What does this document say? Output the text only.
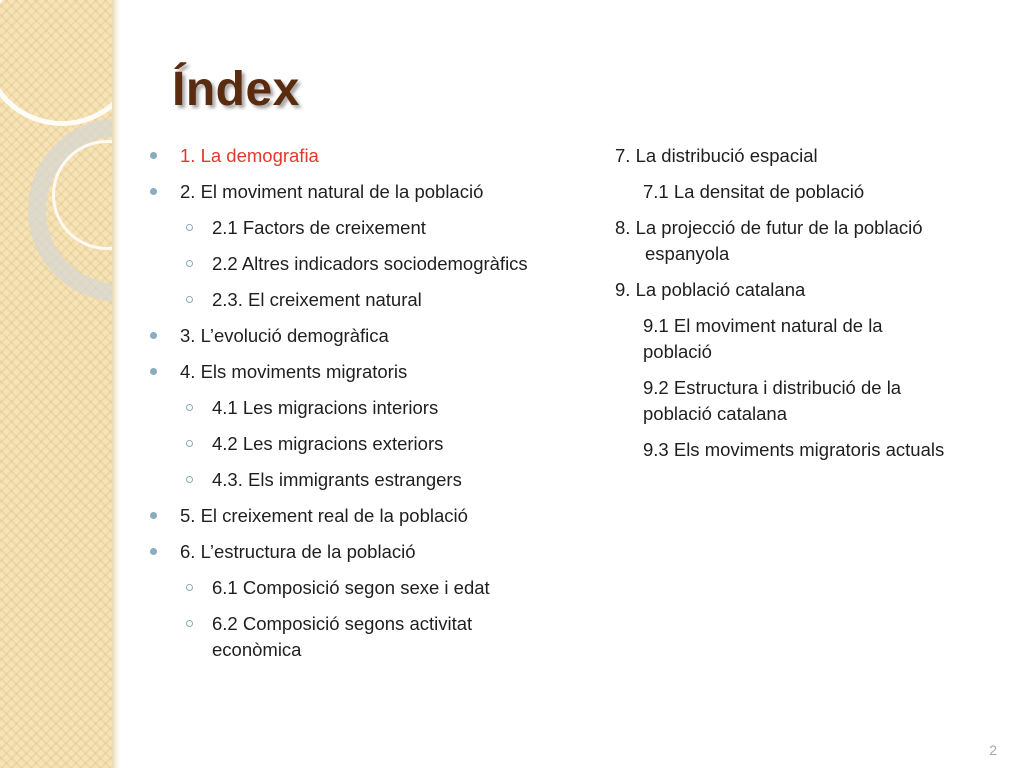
Índex
1. La demografia
2. El moviment natural de la població
2.1 Factors de creixement
2.2 Altres indicadors sociodemogràfics
2.3. El creixement natural
3. L’evolució demogràfica
4. Els moviments migratoris
4.1 Les migracions interiors
4.2 Les migracions exteriors
4.3. Els immigrants estrangers
5. El creixement real de la població
6. L’estructura de la població
6.1 Composició segon sexe i edat
6.2 Composició segons activitat econòmica
7. La distribució espacial
7.1 La densitat de població
8. La projecció de futur de la població
espanyola
9. La població catalana
9.1 El moviment natural de la població
9.2 Estructura i distribució de la població catalana
9.3 Els moviments migratoris actuals
2
